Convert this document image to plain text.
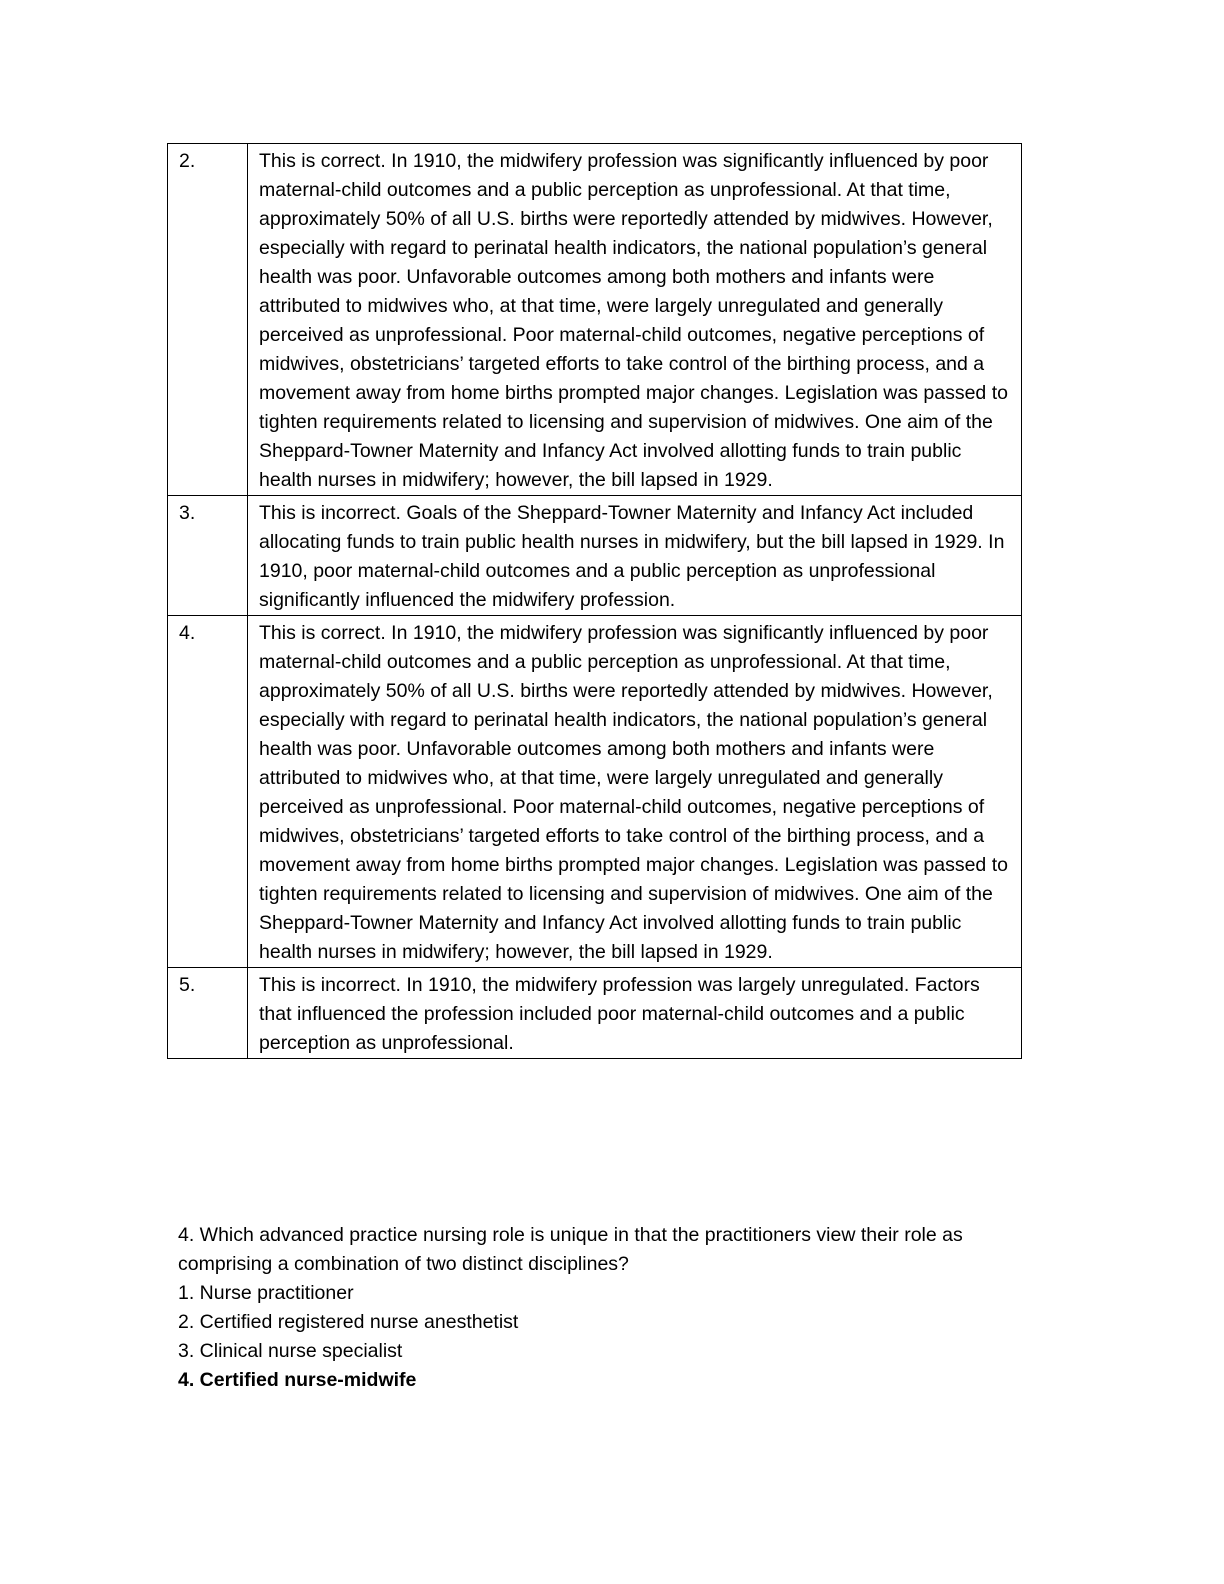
2.	This is correct. In 1910, the midwifery profession was significantly influenced by poor maternal-child outcomes and a public perception as unprofessional. At that time, approximately 50% of all U.S. births were reportedly attended by midwives. However, especially with regard to perinatal health indicators, the national population’s general health was poor. Unfavorable outcomes among both mothers and infants were attributed to midwives who, at that time, were largely unregulated and generally perceived as unprofessional. Poor maternal-child outcomes, negative perceptions of midwives, obstetricians’ targeted efforts to take control of the birthing process, and a movement away from home births prompted major changes. Legislation was passed to tighten requirements related to licensing and supervision of midwives. One aim of the Sheppard-Towner Maternity and Infancy Act involved allotting funds to train public health nurses in midwifery; however, the bill lapsed in 1929.
3.	This is incorrect. Goals of the Sheppard-Towner Maternity and Infancy Act included allocating funds to train public health nurses in midwifery, but the bill lapsed in 1929. In 1910, poor maternal-child outcomes and a public perception as unprofessional significantly influenced the midwifery profession.
4.	This is correct. In 1910, the midwifery profession was significantly influenced by poor maternal-child outcomes and a public perception as unprofessional. At that time, approximately 50% of all U.S. births were reportedly attended by midwives. However, especially with regard to perinatal health indicators, the national population’s general health was poor. Unfavorable outcomes among both mothers and infants were attributed to midwives who, at that time, were largely unregulated and generally perceived as unprofessional. Poor maternal-child outcomes, negative perceptions of midwives, obstetricians’ targeted efforts to take control of the birthing process, and a movement away from home births prompted major changes. Legislation was passed to tighten requirements related to licensing and supervision of midwives. One aim of the Sheppard-Towner Maternity and Infancy Act involved allotting funds to train public health nurses in midwifery; however, the bill lapsed in 1929.
5.	This is incorrect. In 1910, the midwifery profession was largely unregulated. Factors that influenced the profession included poor maternal-child outcomes and a public perception as unprofessional.

4. Which advanced practice nursing role is unique in that the practitioners view their role as comprising a combination of two distinct disciplines?

1. Nurse practitioner

2. Certified registered nurse anesthetist

3. Clinical nurse specialist

4. Certified nurse-midwife
